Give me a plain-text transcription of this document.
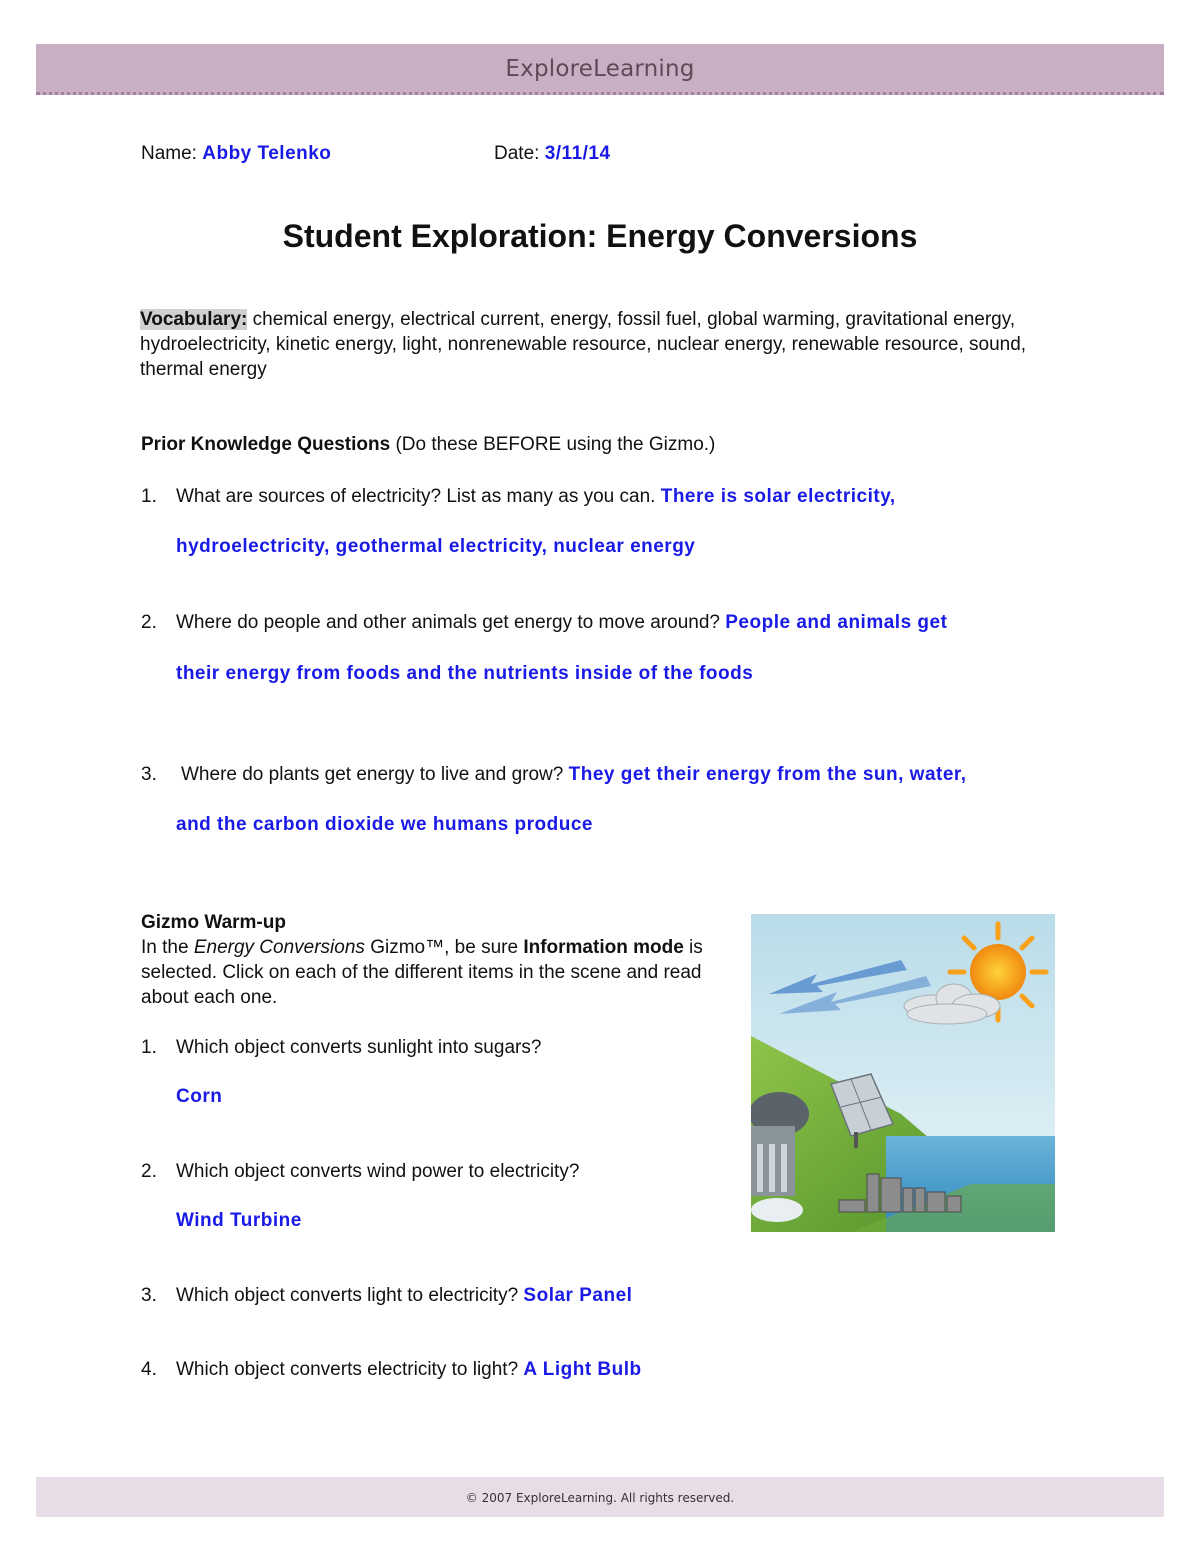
ExploreLearning
Name: Abby Telenko	Date: 3/11/14
Student Exploration: Energy Conversions
Vocabulary: chemical energy, electrical current, energy, fossil fuel, global warming, gravitational energy, hydroelectricity, kinetic energy, light, nonrenewable resource, nuclear energy, renewable resource, sound, thermal energy
Prior Knowledge Questions (Do these BEFORE using the Gizmo.)
1. What are sources of electricity? List as many as you can. There is solar electricity,
hydroelectricity, geothermal electricity, nuclear energy
2. Where do people and other animals get energy to move around? People and animals get
their energy from foods and the nutrients inside of the foods
3. Where do plants get energy to live and grow? They get their energy from the sun, water,
and the carbon dioxide we humans produce
Gizmo Warm-up
In the Energy Conversions Gizmo™, be sure Information mode is selected. Click on each of the different items in the scene and read about each one.
1. Which object converts sunlight into sugars?
Corn
2. Which object converts wind power to electricity?
Wind Turbine
3. Which object converts light to electricity? Solar Panel
4. Which object converts electricity to light? A Light Bulb
© 2007 ExploreLearning. All rights reserved.
